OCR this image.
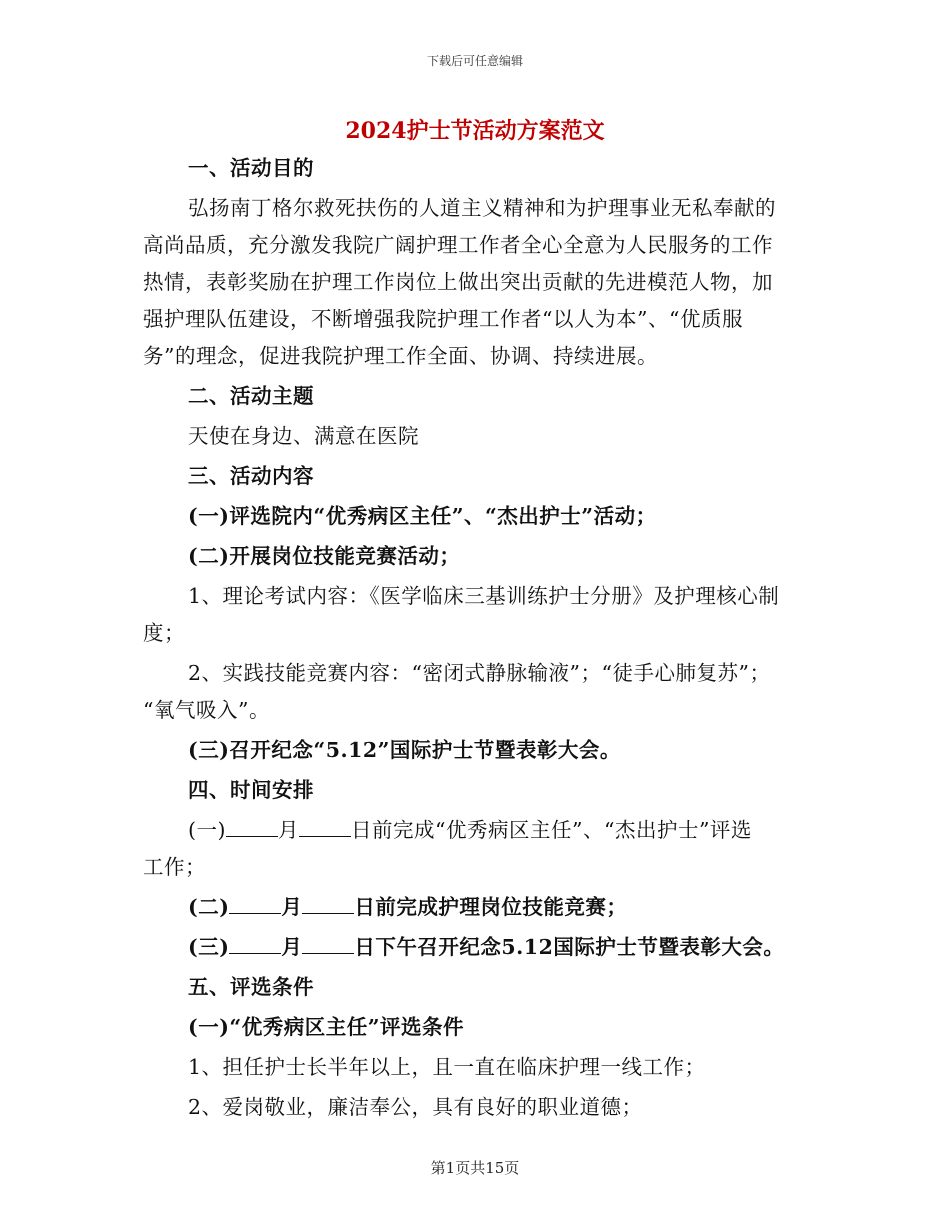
下载后可任意编辑
2024护士节活动方案范文
一、活动目的
弘扬南丁格尔救死扶伤的人道主义精神和为护理事业无私奉献的
高尚品质，充分激发我院广阔护理工作者全心全意为人民服务的工作
热情，表彰奖励在护理工作岗位上做出突出贡献的先进模范人物，加
强护理队伍建设，不断增强我院护理工作者“以人为本”、“优质服
务”的理念，促进我院护理工作全面、协调、持续进展。
二、活动主题
天使在身边、满意在医院
三、活动内容
(一)评选院内“优秀病区主任”、“杰出护士”活动；
(二)开展岗位技能竞赛活动；
1、理论考试内容：《医学临床三基训练护士分册》及护理核心制
度；
2、实践技能竞赛内容：“密闭式静脉输液”；“徒手心肺复苏”；
“氧气吸入”。
(三)召开纪念“5.12”国际护士节暨表彰大会。
四、时间安排
(一)	月	日前完成“优秀病区主任”、“杰出护士”评选
工作；
(二)	月	日前完成护理岗位技能竞赛；
(三)	月	日下午召开纪念5.12国际护士节暨表彰大会。
五、评选条件
(一)“优秀病区主任”评选条件
1、担任护士长半年以上，且一直在临床护理一线工作；
2、爱岗敬业，廉洁奉公，具有良好的职业道德；
第1页共15页
